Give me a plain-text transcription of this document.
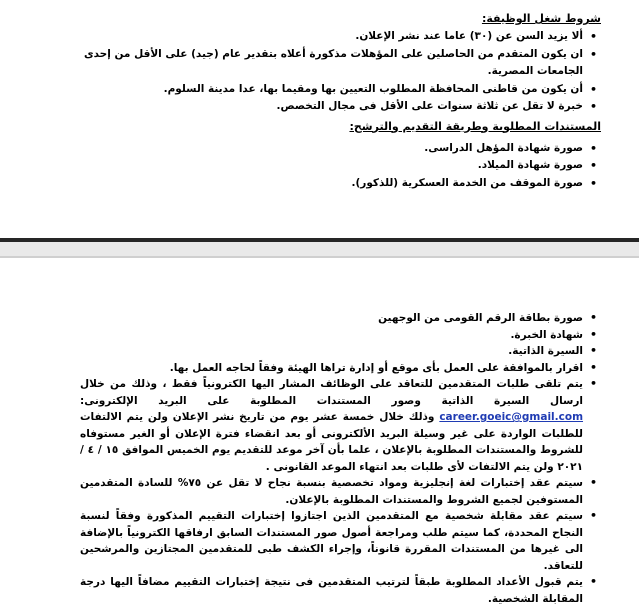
شروط شغل الوظيفة:

• ألا يزيد السن عن (٣٠) عاما عند نشر الإعلان.
• ان يكون المتقدم من الحاصلين على المؤهلات مذكورة أعلاه بتقدير عام (جيد) على الأقل من إحدى الجامعات المصرية.
• أن يكون من قاطنى المحافظة المطلوب التعيين بها ومقيما بها، عدا مدينة السلوم.
• خبرة لا تقل عن ثلاثة سنوات على الأقل فى مجال التخصص.

المستندات المطلوبة وطريقة التقديم والترشح:

• صورة شهادة المؤهل الدراسى.
• صورة شهادة الميلاد.
• صورة الموقف من الخدمة العسكرية (للذكور).
• صورة بطاقة الرقم القومى من الوجهين
• شهادة الخبرة.
• السيرة الذاتية.
• اقرار بالموافقة على العمل بأى موقع أو إدارة تراها الهيئة وفقاً لحاجه العمل بها.
• يتم تلقى طلبات المتقدمين للتعاقد على الوظائف المشار اليها الكترونياً فقط ، وذلك من خلال ارسال السيرة الذاتية وصور المستندات المطلوبة على البريد الإلكترونى: career.goeic@gmail.com وذلك خلال خمسة عشر يوم من تاريخ نشر الإعلان ولن يتم الالتفات للطلبات الواردة على غير وسيلة البريد الألكترونى أو بعد انقضاء فترة الإعلان أو الغير مستوفاه للشروط والمستندات المطلوبة بالإعلان ، علما بأن آخر موعد للتقديم يوم الخميس الموافق ١٥ / ٤ / ٢٠٢١ ولن يتم الالتفات لأى طلبات بعد انتهاء الموعد القانونى .
• سيتم عقد إختبارات لغة إنجليزية ومواد تخصصية بنسبة نجاح لا تقل عن ٧٥% للسادة المتقدمين المستوفين لجميع الشروط والمستندات المطلوبة بالإعلان.
• سيتم عقد مقابلة شخصية مع المتقدمين الذين اجتازوا إختبارات التقييم المذكورة وفقاً لنسبة النجاح المحددة، كما سيتم طلب ومراجعة أصول صور المستندات السابق ارفاقها الكترونياً بالإضافة الى غيرها من المستندات المقررة قانوناً، وإجراء الكشف طبى للمتقدمين المجتازين والمرشحين للتعاقد.
• يتم قبول الأعداد المطلوبة طبقاً لترتيب المتقدمين فى نتيجة إختبارات التقييم مضافاً اليها درجة المقابلة الشخصية.
